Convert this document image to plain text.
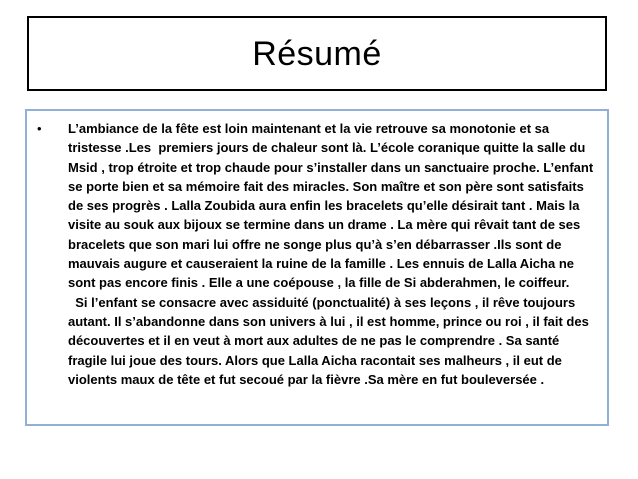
Résumé
•	L’ambiance de la fête est loin maintenant et la vie retrouve sa monotonie et sa tristesse .Les  premiers jours de chaleur sont là. L’école coranique quitte la salle du Msid , trop étroite et trop chaude pour s’installer dans un sanctuaire proche. L’enfant se porte bien et sa mémoire fait des miracles. Son maître et son père sont satisfaits de ses progrès . Lalla Zoubida aura enfin les bracelets qu’elle désirait tant . Mais la visite au souk aux bijoux se termine dans un drame . La mère qui rêvait tant de ses bracelets que son mari lui offre ne songe plus qu’à s’en débarrasser .Ils sont de mauvais augure et causeraient la ruine de la famille . Les ennuis de Lalla Aicha ne sont pas encore finis . Elle a une coépouse , la fille de Si abderahmen, le coiffeur.

Si l’enfant se consacre avec assiduité (ponctualité) à ses leçons , il rêve toujours autant. Il s’abandonne dans son univers à lui , il est homme, prince ou roi , il fait des découvertes et il en veut à mort aux adultes de ne pas le comprendre . Sa santé fragile lui joue des tours. Alors que Lalla Aicha racontait ses malheurs , il eut de violents maux de tête et fut secoué par la fièvre .Sa mère en fut bouleversée .
